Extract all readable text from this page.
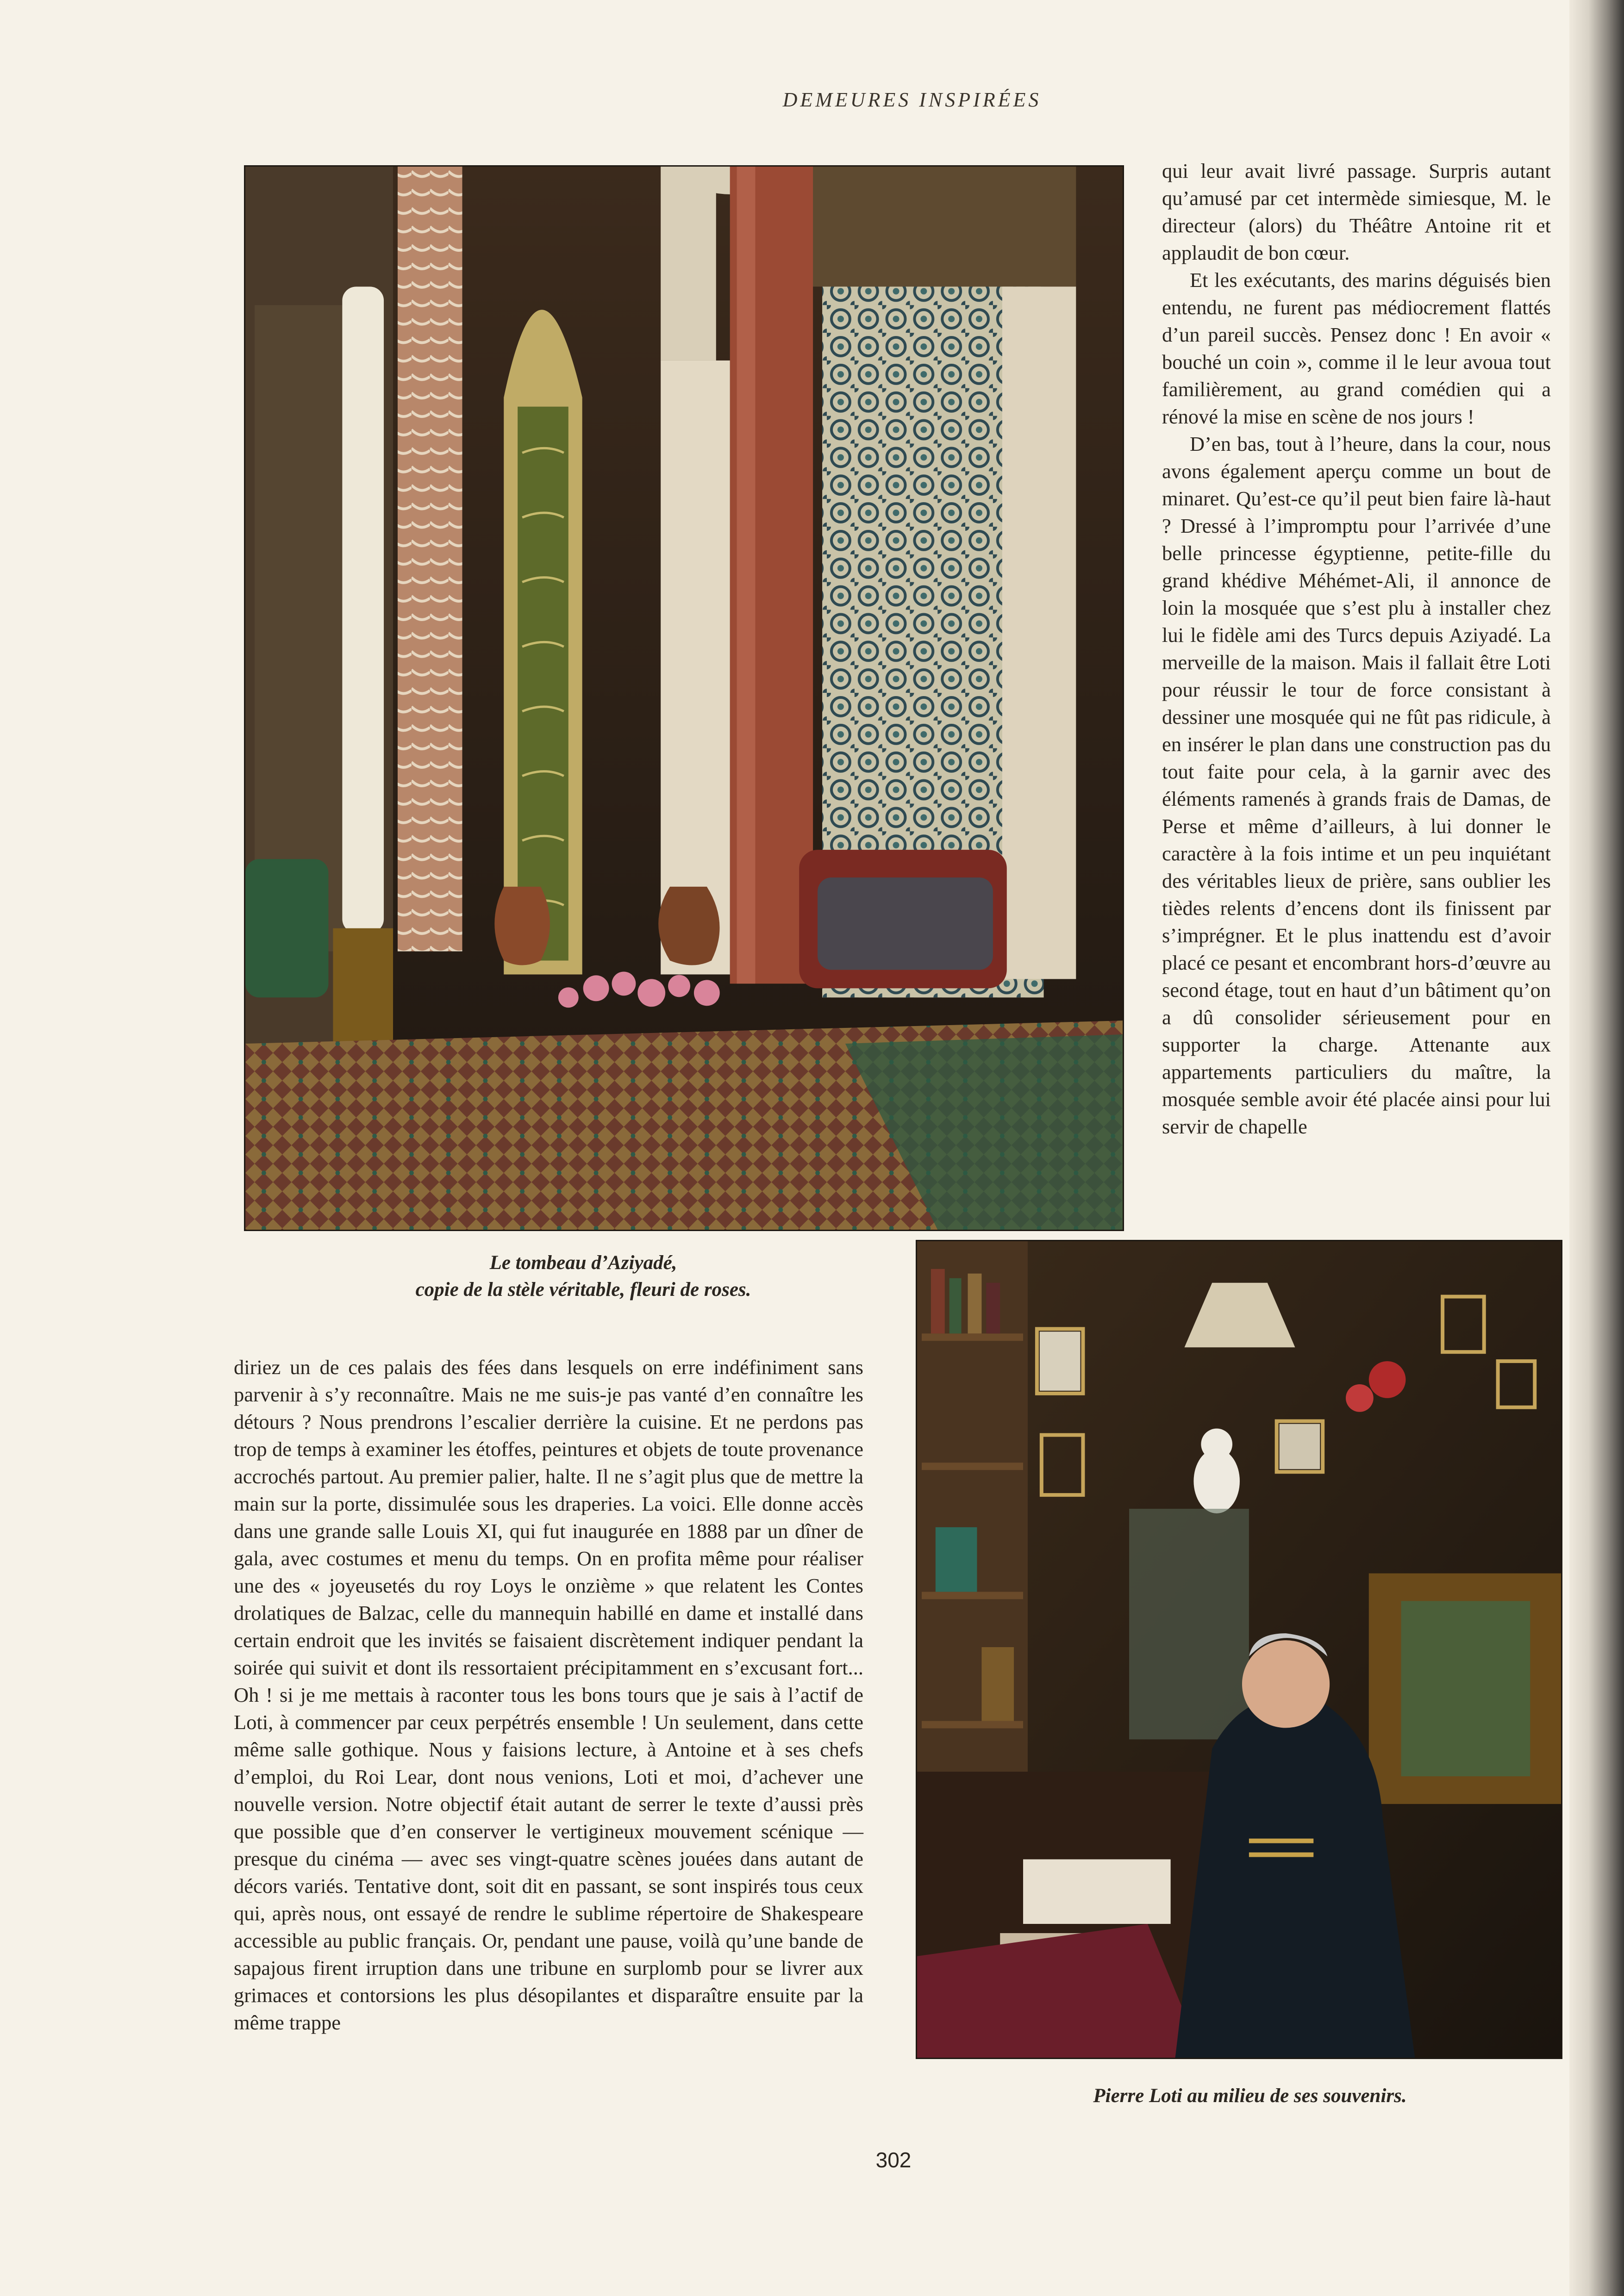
DEMEURES INSPIRÉES

qui leur avait livré passage. Surpris autant qu’amusé par cet intermède simiesque, M. le directeur (alors) du Théâtre Antoine rit et applaudit de bon cœur.

Et les exécutants, des marins déguisés bien entendu, ne furent pas médiocrement flattés d’un pareil succès. Pensez donc ! En avoir « bouché un coin », comme il le leur avoua tout familièrement, au grand comédien qui a rénové la mise en scène de nos jours !

D’en bas, tout à l’heure, dans la cour, nous avons également aperçu comme un bout de minaret. Qu’est-ce qu’il peut bien faire là-haut ? Dressé à l’impromptu pour l’arrivée d’une belle princesse égyptienne, petite-fille du grand khédive Méhémet-Ali, il annonce de loin la mosquée que s’est plu à installer chez lui le fidèle ami des Turcs depuis Aziyadé. La merveille de la maison. Mais il fallait être Loti pour réussir le tour de force consistant à dessiner une mosquée qui ne fût pas ridicule, à en insérer le plan dans une construction pas du tout faite pour cela, à la garnir avec des éléments ramenés à grands frais de Damas, de Perse et même d’ailleurs, à lui donner le caractère à la fois intime et un peu inquiétant des véritables lieux de prière, sans oublier les tièdes relents d’encens dont ils finissent par s’imprégner. Et le plus inattendu est d’avoir placé ce pesant et encombrant hors-d’œuvre au second étage, tout en haut d’un bâtiment qu’on a dû consolider sérieusement pour en supporter la charge. Attenante aux appartements particuliers du maître, la mosquée semble avoir été placée ainsi pour lui servir de chapelle

Le tombeau d’Aziyadé,
copie de la stèle véritable, fleuri de roses.

diriez un de ces palais des fées dans lesquels on erre indéfiniment sans parvenir à s’y reconnaître. Mais ne me suis-je pas vanté d’en connaître les détours ? Nous prendrons l’escalier derrière la cuisine. Et ne perdons pas trop de temps à examiner les étoffes, peintures et objets de toute provenance accrochés partout. Au premier palier, halte. Il ne s’agit plus que de mettre la main sur la porte, dissimulée sous les draperies. La voici. Elle donne accès dans une grande salle Louis XI, qui fut inaugurée en 1888 par un dîner de gala, avec costumes et menu du temps. On en profita même pour réaliser une des « joyeusetés du roy Loys le onzième » que relatent les Contes drolatiques de Balzac, celle du mannequin habillé en dame et installé dans certain endroit que les invités se faisaient discrètement indiquer pendant la soirée qui suivit et dont ils ressortaient précipitamment en s’excusant fort... Oh ! si je me mettais à raconter tous les bons tours que je sais à l’actif de Loti, à commencer par ceux perpétrés ensemble ! Un seulement, dans cette même salle gothique. Nous y faisions lecture, à Antoine et à ses chefs d’emploi, du Roi Lear, dont nous venions, Loti et moi, d’achever une nouvelle version. Notre objectif était autant de serrer le texte d’aussi près que possible que d’en conserver le vertigineux mouvement scénique — presque du cinéma — avec ses vingt-quatre scènes jouées dans autant de décors variés. Tentative dont, soit dit en passant, se sont inspirés tous ceux qui, après nous, ont essayé de rendre le sublime répertoire de Shakespeare accessible au public français. Or, pendant une pause, voilà qu’une bande de sapajous firent irruption dans une tribune en surplomb pour se livrer aux grimaces et contorsions les plus désopilantes et disparaître ensuite par la même trappe

Pierre Loti au milieu de ses souvenirs.
302
